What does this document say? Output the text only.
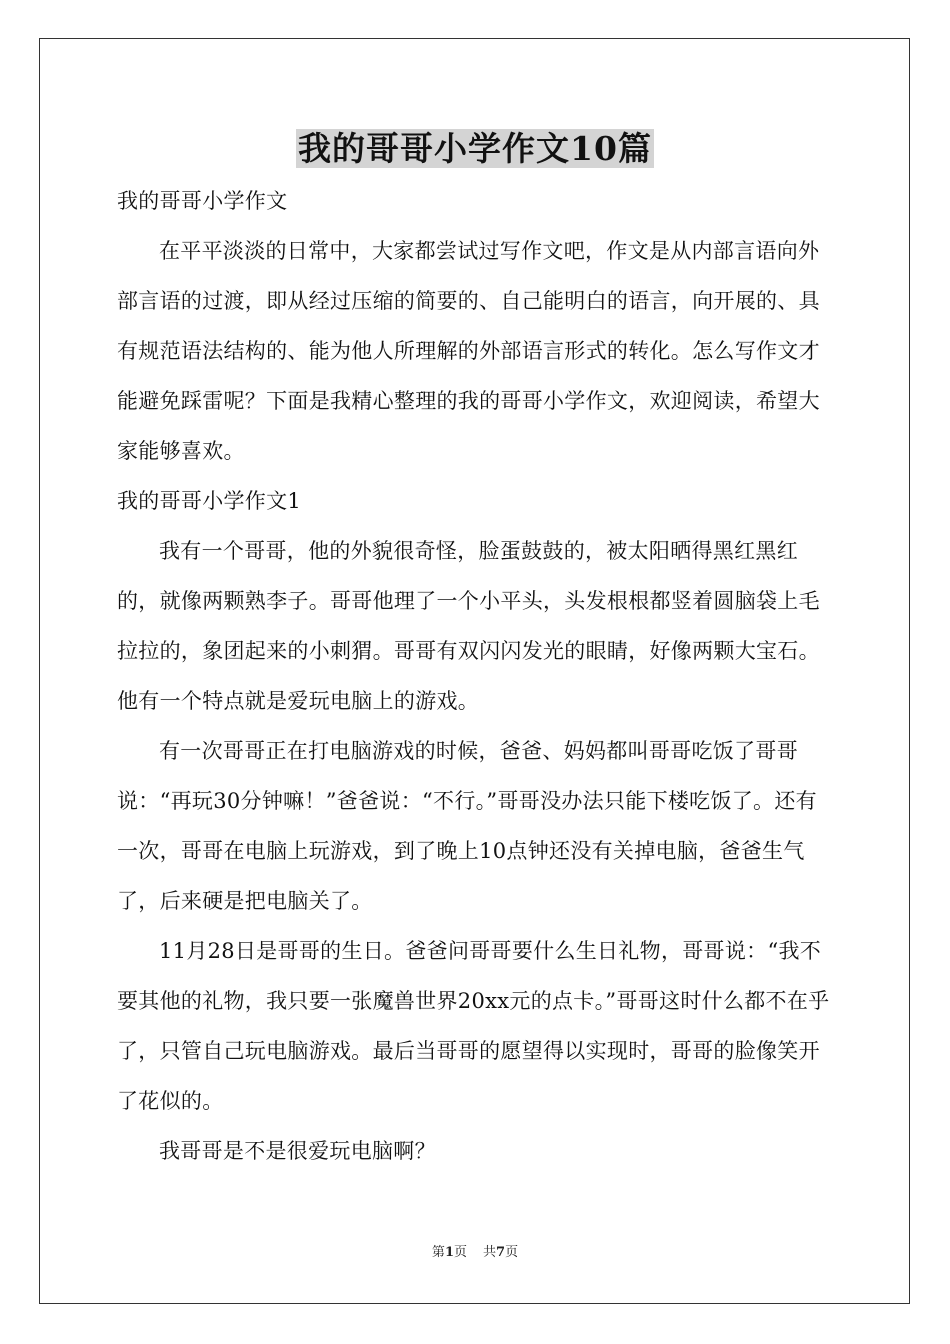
我的哥哥小学作文10篇

我的哥哥小学作文

在平平淡淡的日常中，大家都尝试过写作文吧，作文是从内部言语向外部言语的过渡，即从经过压缩的简要的、自己能明白的语言，向开展的、具有规范语法结构的、能为他人所理解的外部语言形式的转化。怎么写作文才能避免踩雷呢？下面是我精心整理的我的哥哥小学作文，欢迎阅读，希望大家能够喜欢。

我的哥哥小学作文1

我有一个哥哥，他的外貌很奇怪，脸蛋鼓鼓的，被太阳晒得黑红黑红的，就像两颗熟李子。哥哥他理了一个小平头，头发根根都竖着圆脑袋上毛拉拉的，象团起来的小刺猬。哥哥有双闪闪发光的眼睛，好像两颗大宝石。他有一个特点就是爱玩电脑上的游戏。

有一次哥哥正在打电脑游戏的时候，爸爸、妈妈都叫哥哥吃饭了哥哥说：“再玩30分钟嘛！”爸爸说：“不行。”哥哥没办法只能下楼吃饭了。还有一次，哥哥在电脑上玩游戏，到了晚上10点钟还没有关掉电脑，爸爸生气了，后来硬是把电脑关了。

11月28日是哥哥的生日。爸爸问哥哥要什么生日礼物，哥哥说：“我不要其他的礼物，我只要一张魔兽世界20xx元的点卡。”哥哥这时什么都不在乎了，只管自己玩电脑游戏。最后当哥哥的愿望得以实现时，哥哥的脸像笑开了花似的。

我哥哥是不是很爱玩电脑啊？

第1页 共7页
